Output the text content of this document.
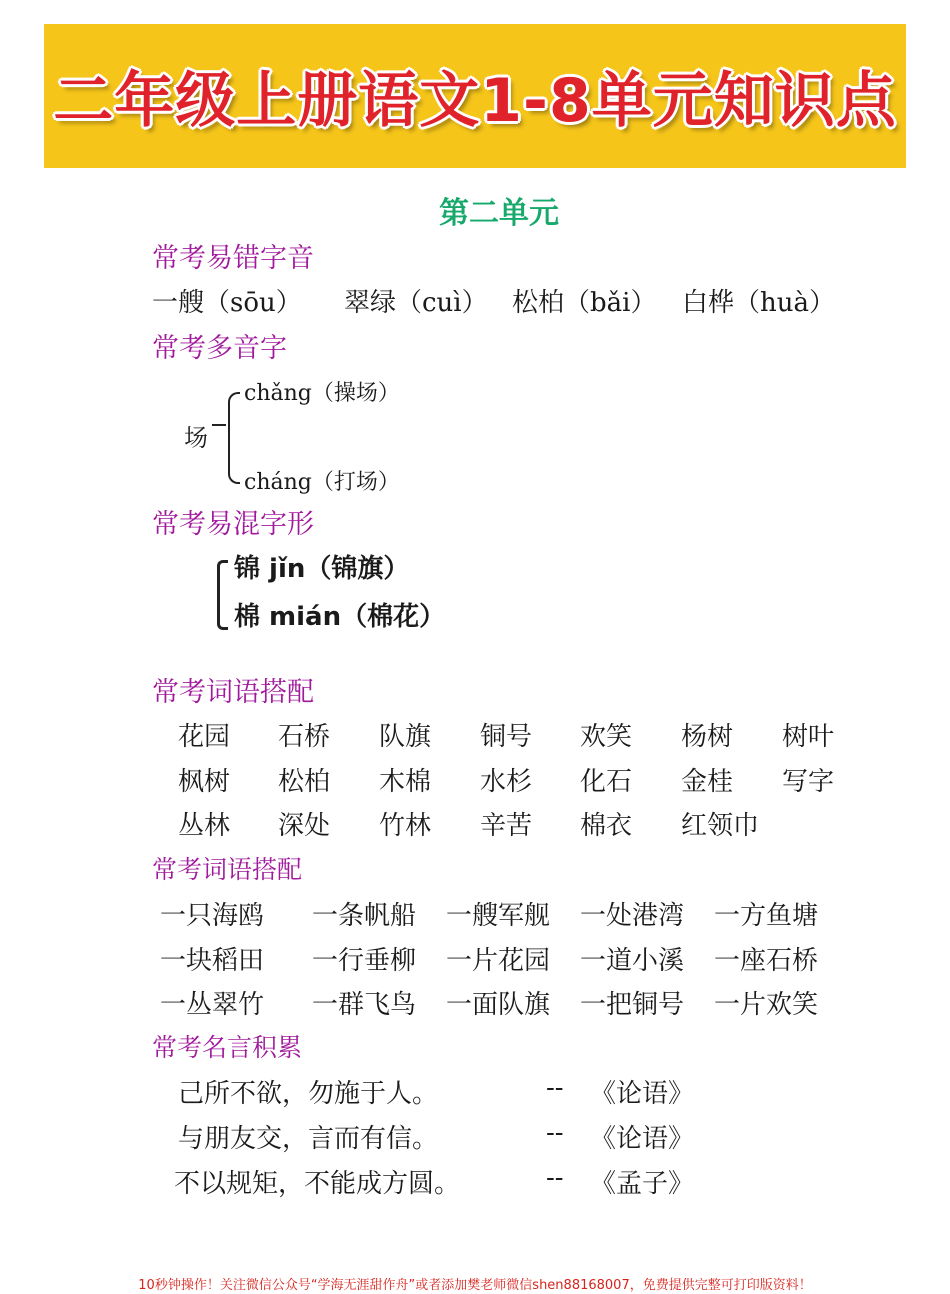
二年级上册语文1-8单元知识点
第二单元
常考易错字音
一艘（sōu） 翠绿（cuì） 松柏（bǎi） 白桦（huà）
常考多音字
场
chǎng（操场）
cháng（打场）
常考易混字形
锦 jǐn（锦旗）
棉 mián（棉花）
常考词语搭配
花园 石桥 队旗 铜号 欢笑 杨树 树叶
枫树 松柏 木棉 水杉 化石 金桂 写字
丛林 深处 竹林 辛苦 棉衣 红领巾
常考词语搭配
一只海鸥 一条帆船 一艘军舰 一处港湾 一方鱼塘
一块稻田 一行垂柳 一片花园 一道小溪 一座石桥
一丛翠竹 一群飞鸟 一面队旗 一把铜号 一片欢笑
常考名言积累
己所不欲，勿施于人。	-- 《论语》
与朋友交，言而有信。	-- 《论语》
不以规矩，不能成方圆。	-- 《孟子》
10秒钟操作！关注微信公众号“学海无涯甜作舟”或者添加樊老师微信shen88168007，免费提供完整可打印版资料！
